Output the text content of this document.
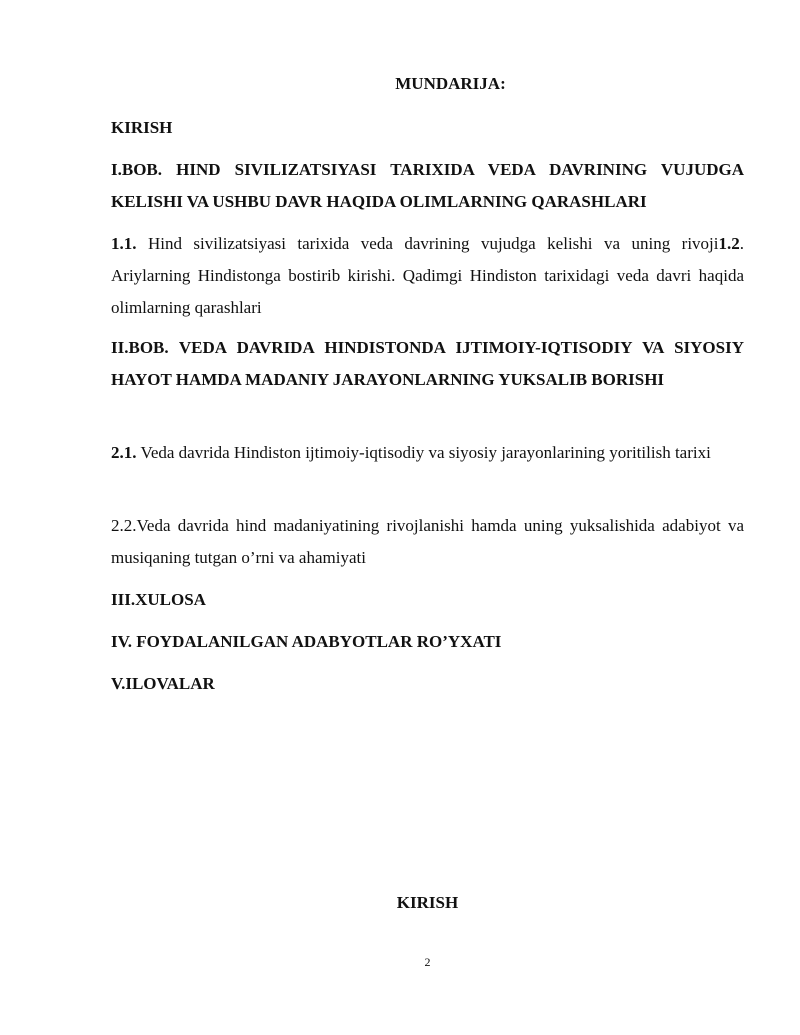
MUNDARIJA:
KIRISH
I.BOB. HIND SIVILIZATSIYASI TARIXIDA VEDA DAVRINING VUJUDGA KELISHI VA USHBU DAVR HAQIDA OLIMLARNING QARASHLARI
1.1. Hind sivilizatsiyasi tarixida veda davrining vujudga kelishi va uning rivoji1.2. Ariylarning Hindistonga bostirib kirishi. Qadimgi Hindiston tarixidagi veda davri haqida olimlarning qarashlari
II.BOB. VEDA DAVRIDA HINDISTONDA IJTIMOIY-IQTISODIY VA SIYOSIY HAYOT HAMDA MADANIY JARAYONLARNING YUKSALIB BORISHI
2.1. Veda davrida Hindiston ijtimoiy-iqtisodiy va siyosiy jarayonlarining yoritilish tarixi
2.2.Veda davrida hind madaniyatining rivojlanishi hamda uning yuksalishida adabiyot va musiqaning tutgan o’rni va ahamiyati
III.XULOSA
IV. FOYDALANILGAN ADABYOTLAR RO’YXATI
V.ILOVALAR
KIRISH
2
